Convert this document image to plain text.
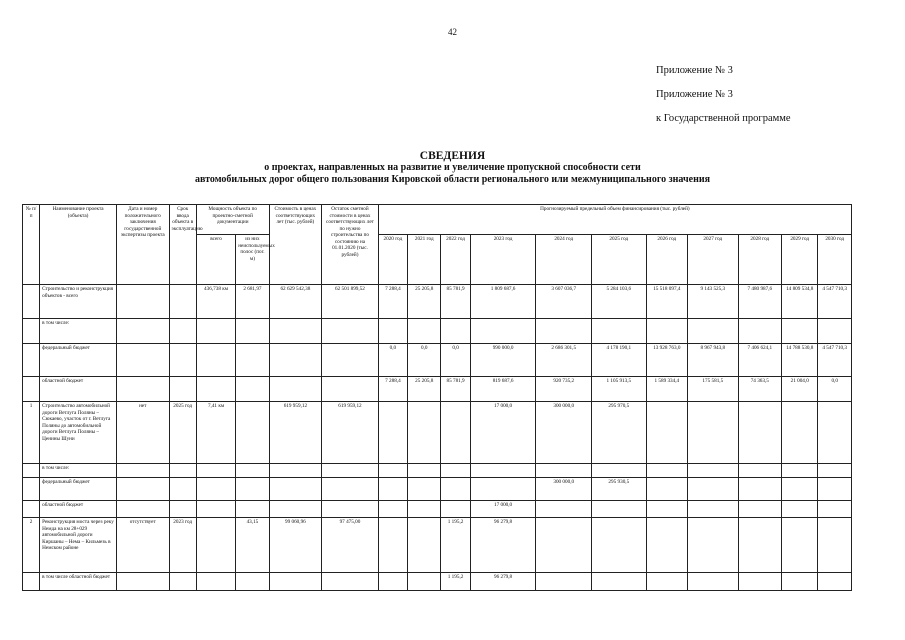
42
Приложение № 3
Приложение № 3
к Государственной программе
СВЕДЕНИЯ
о проектах, направленных на развитие и увеличение пропускной способности сети
автомобильных дорог общего пользования Кировской области регионального или межмуниципального значения
№ п/п	Наименование проекта (объекта)	Дата и номер положительного заключения государственной экспертизы проекта	Срок ввода объекта в эксплуатацию	Мощность объекта по проектно-сметной документации		Стоимость в ценах соответствующих лет (тыс. рублей)	Остаток сметной стоимости в ценах соответствующих лет по нужно строительства по состоянию на 01.01.2020 (тыс. рублей)	Прогнозируемый предельный объем финансирования (тыс. рублей)										
				всего	из них неиспользуемых полос (пог. м)			2020 год	2021 год	2022 год	2023 год	2024 год	2025 год	2026 год	2027 год	2028 год	2029 год	2030 год
	Строительство и реконструкция объектов - всего			436,738 км	2 681,97	62 629 542,38	62 501 899,52	7 288,4	25 205,8	85 781,9	1 809 687,6	3 607 036,7	5 284 103,6	15 518 097,4	9 143 525,3	7 480 987,6	14 809 534,8	4 547 710,3
	в том числе:																	
	федеральный бюджет							0,0	0,0	0,0	990 000,0	2 686 301,5	4 178 190,1	13 928 763,0	8 967 943,8	7 406 624,1	14 788 530,8	4 547 710,3
	областной бюджет							7 288,4	25 205,8	85 781,9	819 687,6	920 735,2	1 105 913,5	1 589 334,4	175 581,5	74 363,5	21 004,0	0,0
1	Строительство автомобильной дороги Ветлуга Поляны – Сюкаево, участок от г. Ветлуга Поляны до автомобильной дороги Ветлуга Поляны – Ценины Шуни	нет	2025 год	7,41 км		619 959,12	619 959,12				17 000,0	300 000,0	295 970,5					
	в том числе:																	
	федеральный бюджет											300 000,0	295 930,5					
	областной бюджет										17 000,0							
2	Реконструкция моста через реку Немда на км 28+029 автомобильной дороги Киршаны – Нема – Кильмезь в Немском районе	отсутствует	2023 год		43,15	99 060,96	97 475,00			1 195,2	96 279,8							
	в том числе областной бюджет									1 195,2	96 279,8							
